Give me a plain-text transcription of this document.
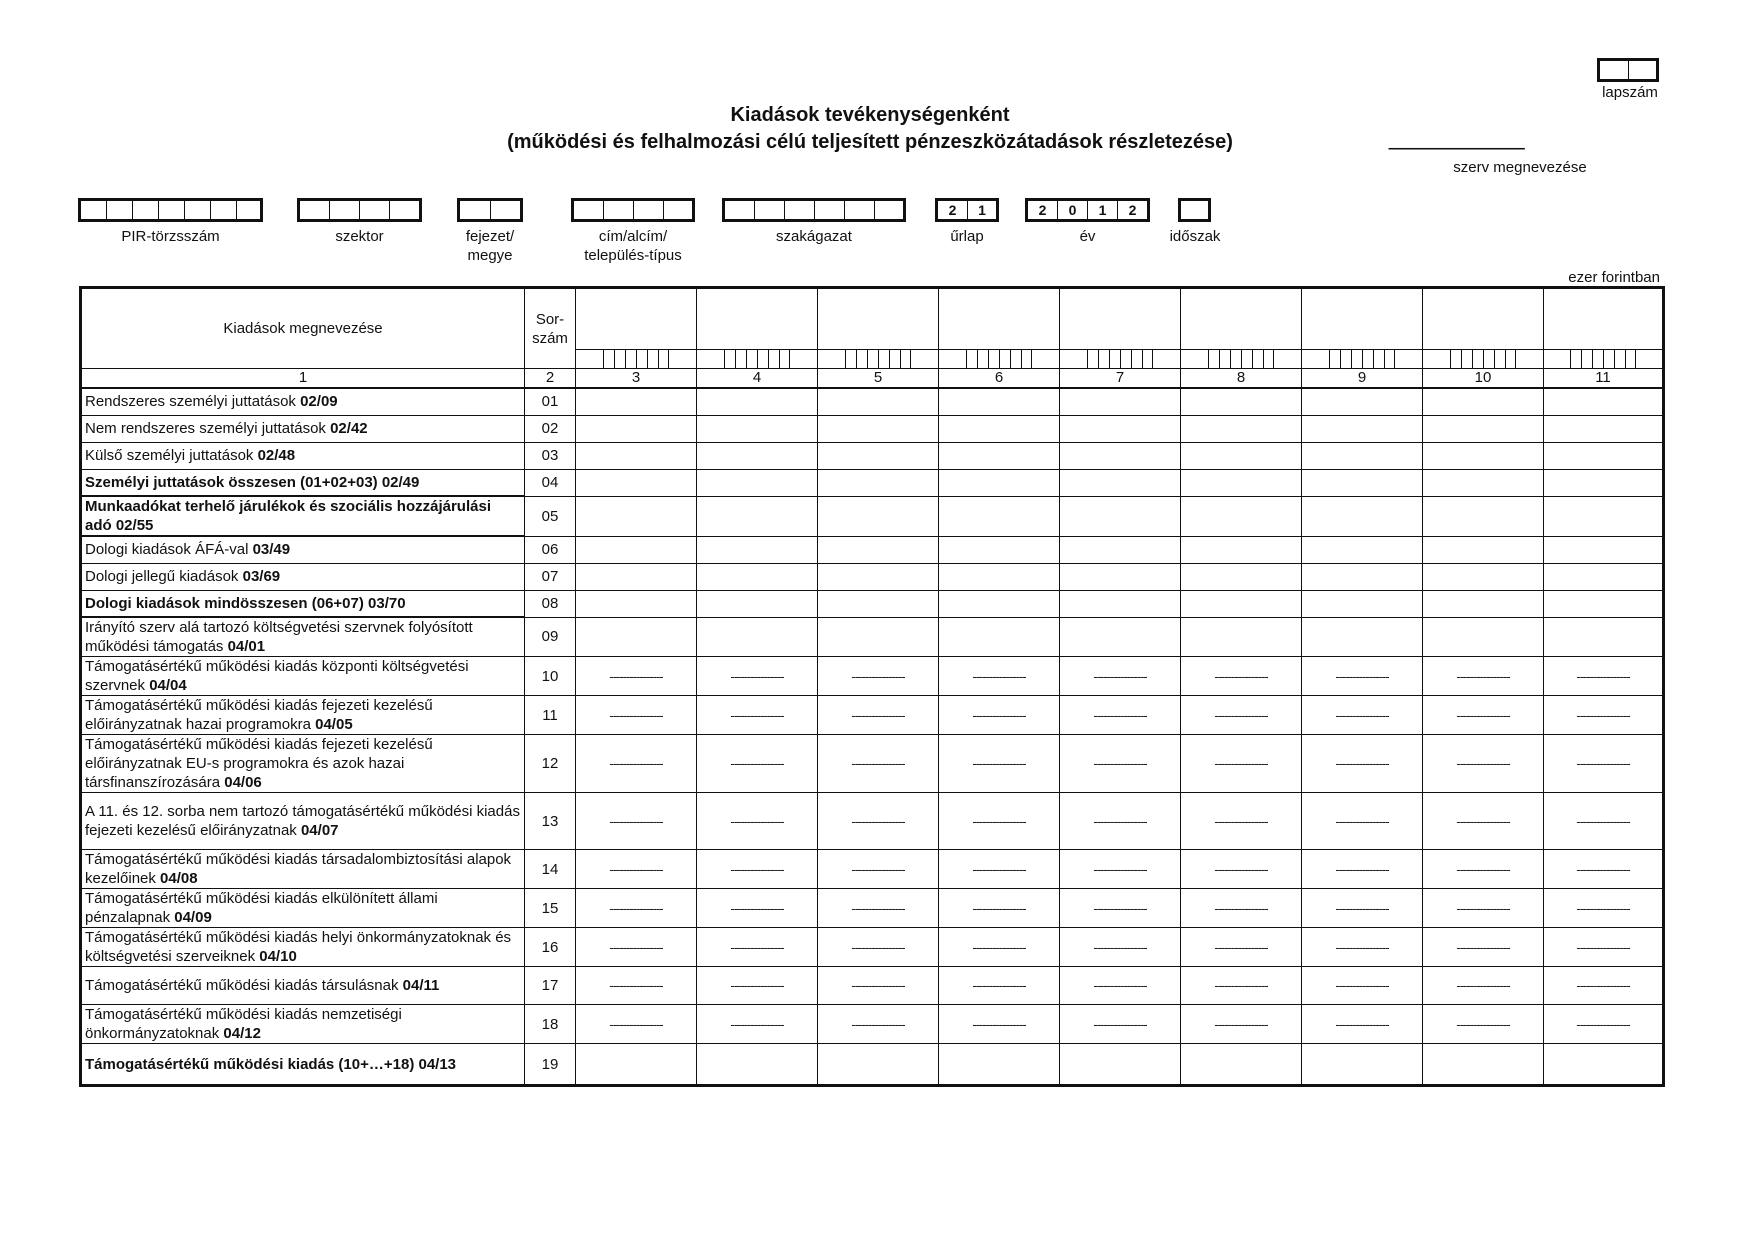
lapszám
Kiadások tevékenységenként
(működési és felhalmozási célú teljesített pénzeszközátadások részletezése)	------------------------------------------------
szerv megnevezése
PIR-törzsszám	szektor	fejezet/
megye
cím/alcím/
település-típus
szakágazat
2	1
űrlap
2	0	1	2
év	időszak
ezer forintban
Kiadások megnevezése	Sor-
szám									

1	2	3	4	5	6	7	8	9	10	11
Rendszeres személyi juttatások 02/09	01									
Nem rendszeres személyi juttatások 02/42	02									
Külső személyi juttatások 02/48	03									
Személyi juttatások összesen (01+02+03) 02/49	04									
Munkaadókat terhelő járulékok és szociális hozzájárulási adó 02/55	05									
Dologi kiadások ÁFÁ-val 03/49	06									
Dologi jellegű kiadások 03/69	07									
Dologi kiadások mindösszesen (06+07) 03/70	08									
Irányító szerv alá tartozó költségvetési szervnek folyósított működési támogatás 04/01	09									
Támogatásértékű működési kiadás központi költségvetési szervnek 04/04	10	----------------	----------------	----------------	----------------	----------------	----------------	----------------	----------------	----------------
Támogatásértékű működési kiadás fejezeti kezelésű előirányzatnak hazai programokra 04/05	11	----------------	----------------	----------------	----------------	----------------	----------------	----------------	----------------	----------------
Támogatásértékű működési kiadás fejezeti kezelésű előirányzatnak EU-s programokra és azok hazai társfinanszírozására 04/06	12	----------------	----------------	----------------	----------------	----------------	----------------	----------------	----------------	----------------
A 11. és 12. sorba nem tartozó támogatásértékű működési kiadás fejezeti kezelésű előirányzatnak 04/07	13	----------------	----------------	----------------	----------------	----------------	----------------	----------------	----------------	----------------
Támogatásértékű működési kiadás társadalombiztosítási alapok kezelőinek 04/08	14	----------------	----------------	----------------	----------------	----------------	----------------	----------------	----------------	----------------
Támogatásértékű működési kiadás elkülönített állami pénzalapnak 04/09	15	----------------	----------------	----------------	----------------	----------------	----------------	----------------	----------------	----------------
Támogatásértékű működési kiadás helyi önkormányzatoknak és költségvetési szerveiknek 04/10	16	----------------	----------------	----------------	----------------	----------------	----------------	----------------	----------------	----------------
Támogatásértékű működési kiadás társulásnak 04/11	17	----------------	----------------	----------------	----------------	----------------	----------------	----------------	----------------	----------------
Támogatásértékű működési kiadás nemzetiségi önkormányzatoknak 04/12	18	----------------	----------------	----------------	----------------	----------------	----------------	----------------	----------------	----------------
Támogatásértékű működési kiadás (10+…+18) 04/13	19									
